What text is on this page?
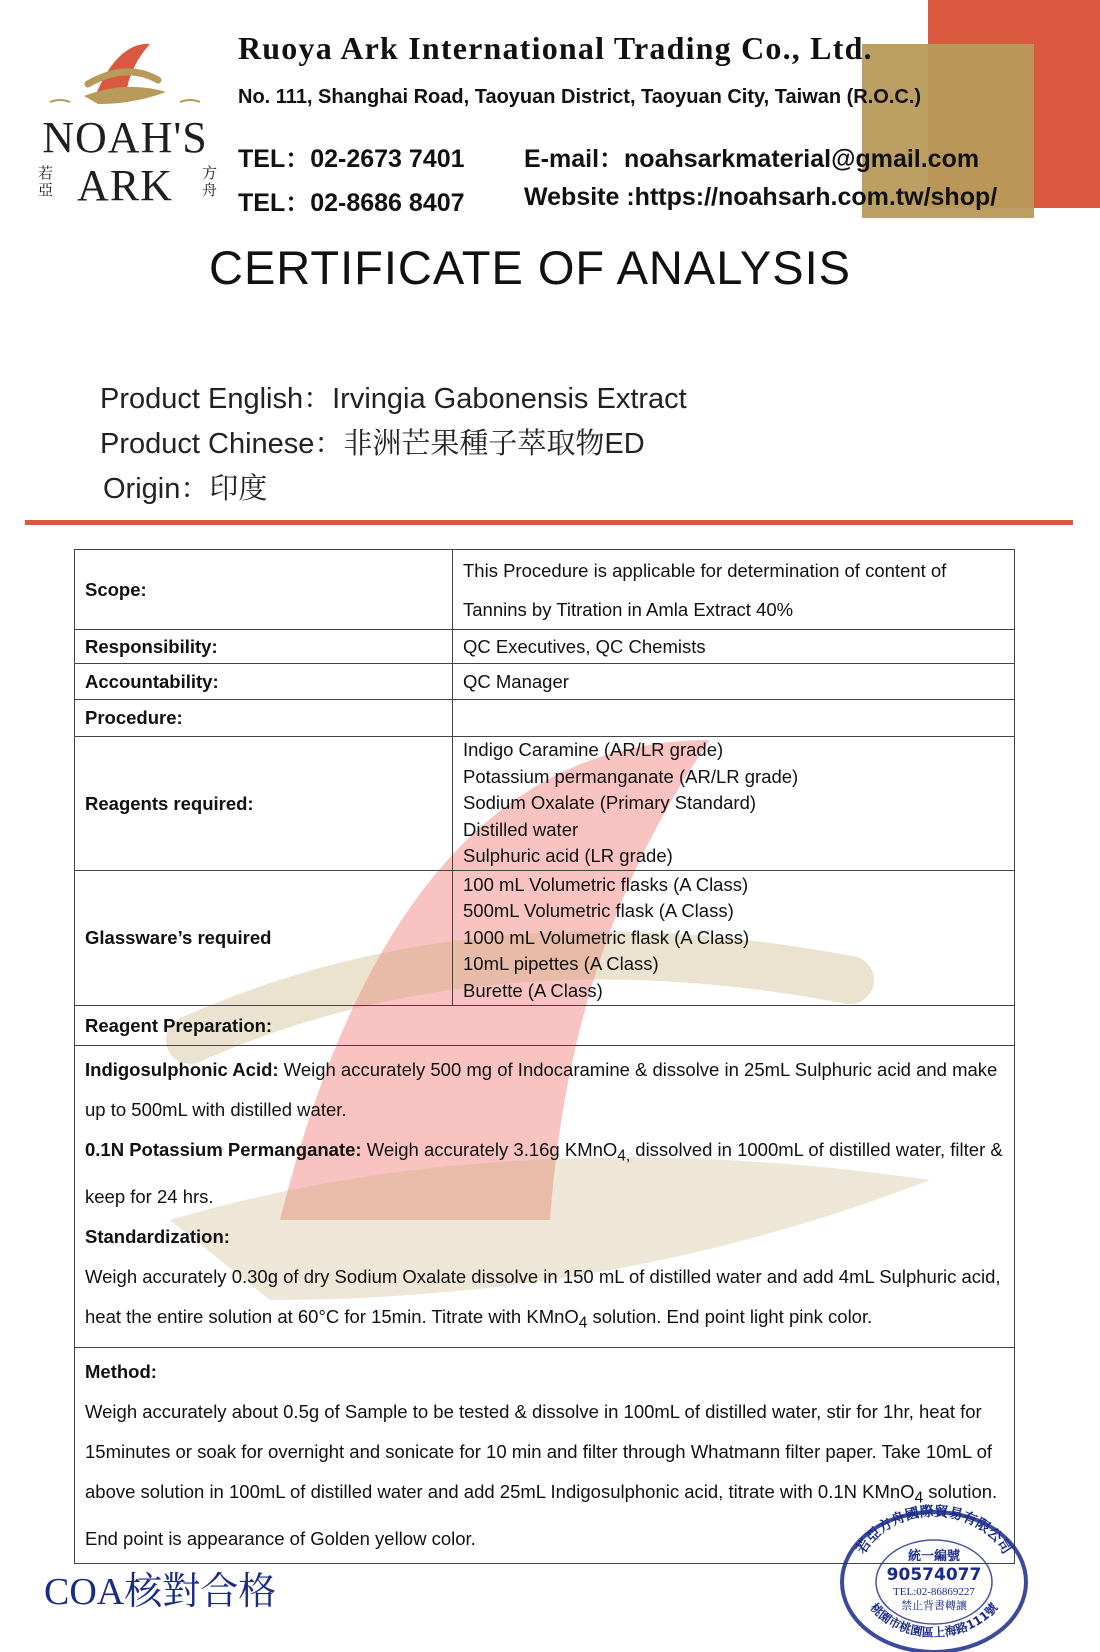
NOAH'S
ARK
若亞
方舟
Ruoya Ark International Trading Co., Ltd.
No. 111, Shanghai Road, Taoyuan District, Taoyuan City, Taiwan (R.O.C.)
TEL：02-2673 7401
TEL：02-8686 8407
E-mail：noahsarkmaterial@gmail.com
Website :https://noahsarh.com.tw/shop/
CERTIFICATE OF ANALYSIS
Product English：Irvingia Gabonensis Extract
Product Chinese：非洲芒果種子萃取物ED
Origin：印度
Scope:	This Procedure is applicable for determination of content of Tannins by Titration in Amla Extract 40%
Responsibility:	QC Executives, QC Chemists
Accountability:	QC Manager
Procedure:	
Reagents required:	Indigo Caramine (AR/LR grade)
Potassium permanganate (AR/LR grade)
Sodium Oxalate (Primary Standard)
Distilled water
Sulphuric acid (LR grade)

Glassware’s required	100 mL Volumetric flasks (A Class)
500mL Volumetric flask (A Class)
1000 mL Volumetric flask (A Class)
10mL pipettes (A Class)
Burette (A Class)

Reagent Preparation:	

Indigosulphonic Acid: Weigh accurately 500 mg of Indocaramine & dissolve in 25mL Sulphuric acid and make up to 500mL with distilled water.

0.1N Potassium Permanganate: Weigh accurately 3.16g KMnO$_{4,}$ dissolved in 1000mL of distilled water, filter & keep for 24 hrs.

Standardization:

Weigh accurately 0.30g of dry Sodium Oxalate dissolve in 150 mL of distilled water and add 4mL Sulphuric acid, heat the entire solution at 60°C for 15min. Titrate with KMnO$_4$ solution. End point light pink color.	

Method:

Weigh accurately about 0.5g of Sample to be tested & dissolve in 100mL of distilled water, stir for 1hr, heat for 15minutes or soak for overnight and sonicate for 10 min and filter through Whatmann filter paper. Take 10mL of above solution in 100mL of distilled water and add 25mL Indigosulphonic acid, titrate with 0.1N KMnO$_4$ solution. End point is appearance of Golden yellow color.		若亞方舟國際貿易有限公司
桃園市桃園區上海路111號
統一編號
90574077
TEL:02-86869227
禁止背書轉讓
COA核對合格
